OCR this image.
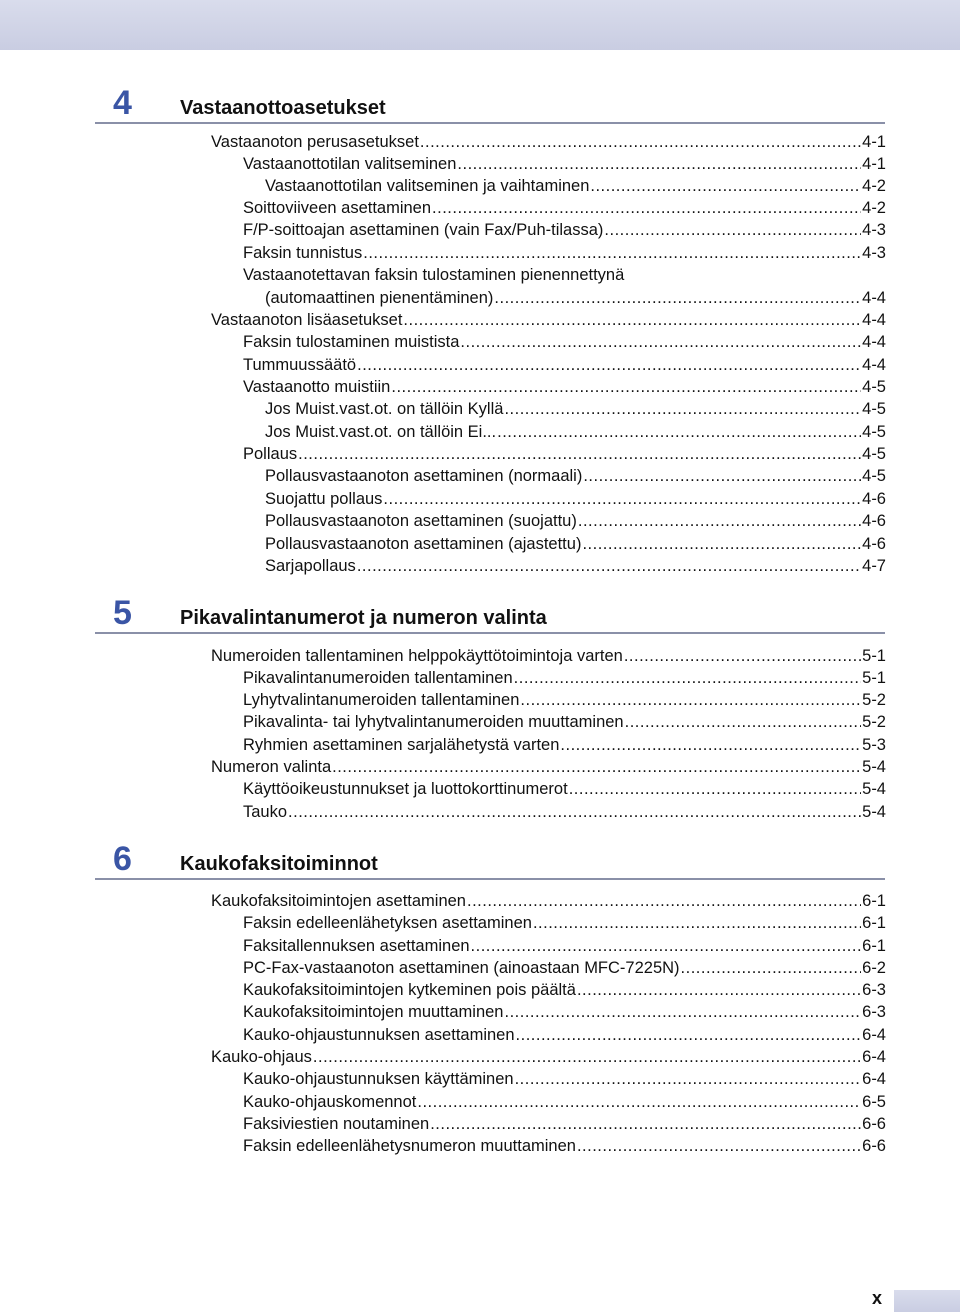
4 Vastaanottoasetukset
Vastaanoton perusasetukset .....	4-1
Vastaanottotilan valitseminen .....	4-1
Vastaanottotilan valitseminen ja vaihtaminen .....	4-2
Soittoviiveen asettaminen .....	4-2
F/P-soittoajan asettaminen (vain Fax/Puh-tilassa) .....	4-3
Faksin tunnistus .....	4-3
Vastaanotettavan faksin tulostaminen pienennettynä
(automaattinen pienentäminen) .....	4-4
Vastaanoton lisäasetukset .....	4-4
Faksin tulostaminen muistista .....	4-4
Tummuussäätö .....	4-4
Vastaanotto muistiin .....	4-5
Jos Muist.vast.ot. on tällöin Kyllä .....	4-5
Jos Muist.vast.ot. on tällöin Ei... .....	4-5
Pollaus .....	4-5
Pollausvastaanoton asettaminen (normaali) .....	4-5
Suojattu pollaus .....	4-6
Pollausvastaanoton asettaminen (suojattu) .....	4-6
Pollausvastaanoton asettaminen (ajastettu) .....	4-6
Sarjapollaus .....	4-7
5 Pikavalintanumerot ja numeron valinta
Numeroiden tallentaminen helppokäyttötoimintoja varten .....	5-1
Pikavalintanumeroiden tallentaminen .....	5-1
Lyhytvalintanumeroiden tallentaminen .....	5-2
Pikavalinta- tai lyhytvalintanumeroiden muuttaminen .....	5-2
Ryhmien asettaminen sarjalähetystä varten .....	5-3
Numeron valinta .....	5-4
Käyttöoikeustunnukset ja luottokorttinumerot .....	5-4
Tauko .....	5-4
6 Kaukofaksitoiminnot
Kaukofaksitoimintojen asettaminen .....	6-1
Faksin edelleenlähetyksen asettaminen .....	6-1
Faksitallennuksen asettaminen .....	6-1
PC-Fax-vastaanoton asettaminen (ainoastaan MFC-7225N) .....	6-2
Kaukofaksitoimintojen kytkeminen pois päältä .....	6-3
Kaukofaksitoimintojen muuttaminen .....	6-3
Kauko-ohjaustunnuksen asettaminen .....	6-4
Kauko-ohjaus .....	6-4
Kauko-ohjaustunnuksen käyttäminen .....	6-4
Kauko-ohjauskomennot .....	6-5
Faksiviestien noutaminen .....	6-6
Faksin edelleenlähetysnumeron muuttaminen .....	6-6
x
